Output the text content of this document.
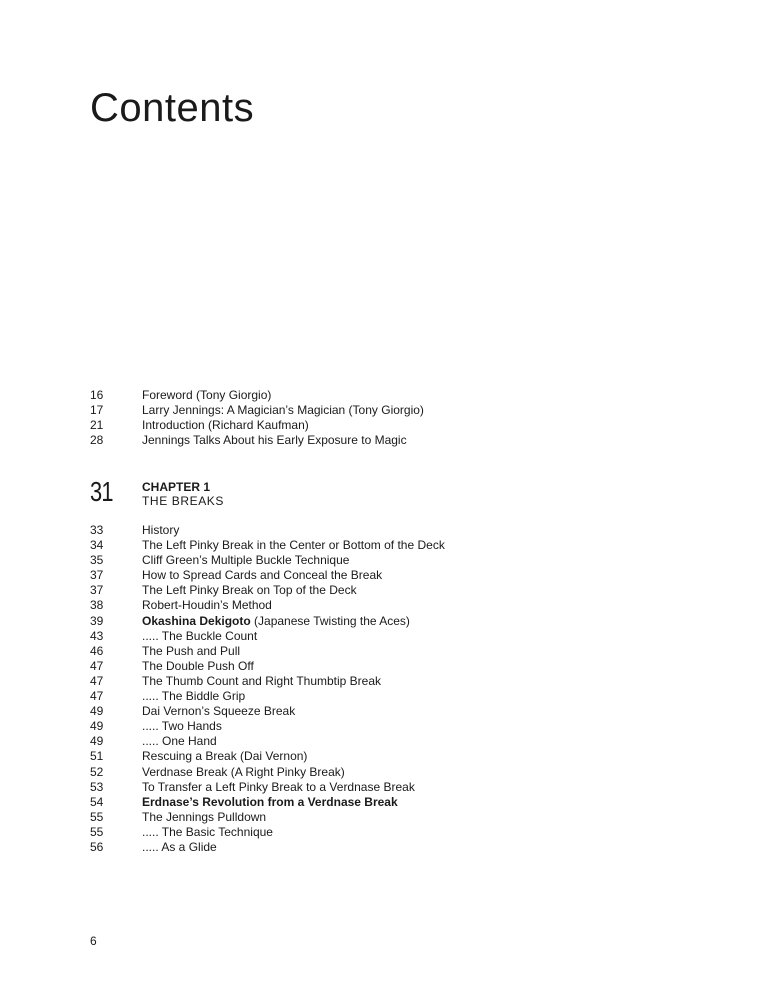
Contents
16	Foreword (Tony Giorgio)
17	Larry Jennings: A Magician’s Magician (Tony Giorgio)
21	Introduction (Richard Kaufman)
28	Jennings Talks About his Early Exposure to Magic
31	CHAPTER 1
THE BREAKS
33	History
34	The Left Pinky Break in the Center or Bottom of the Deck
35	Cliff Green’s Multiple Buckle Technique
37	How to Spread Cards and Conceal the Break
37	The Left Pinky Break on Top of the Deck
38	Robert-Houdin’s Method
39	Okashina Dekigoto (Japanese Twisting the Aces)
43	..... The Buckle Count
46	The Push and Pull
47	The Double Push Off
47	The Thumb Count and Right Thumbtip Break
47	..... The Biddle Grip
49	Dai Vernon’s Squeeze Break
49	..... Two Hands
49	..... One Hand
51	Rescuing a Break (Dai Vernon)
52	Verdnase Break (A Right Pinky Break)
53	To Transfer a Left Pinky Break to a Verdnase Break
54	Erdnase’s Revolution from a Verdnase Break
55	The Jennings Pulldown
55	..... The Basic Technique
56	..... As a Glide
6
